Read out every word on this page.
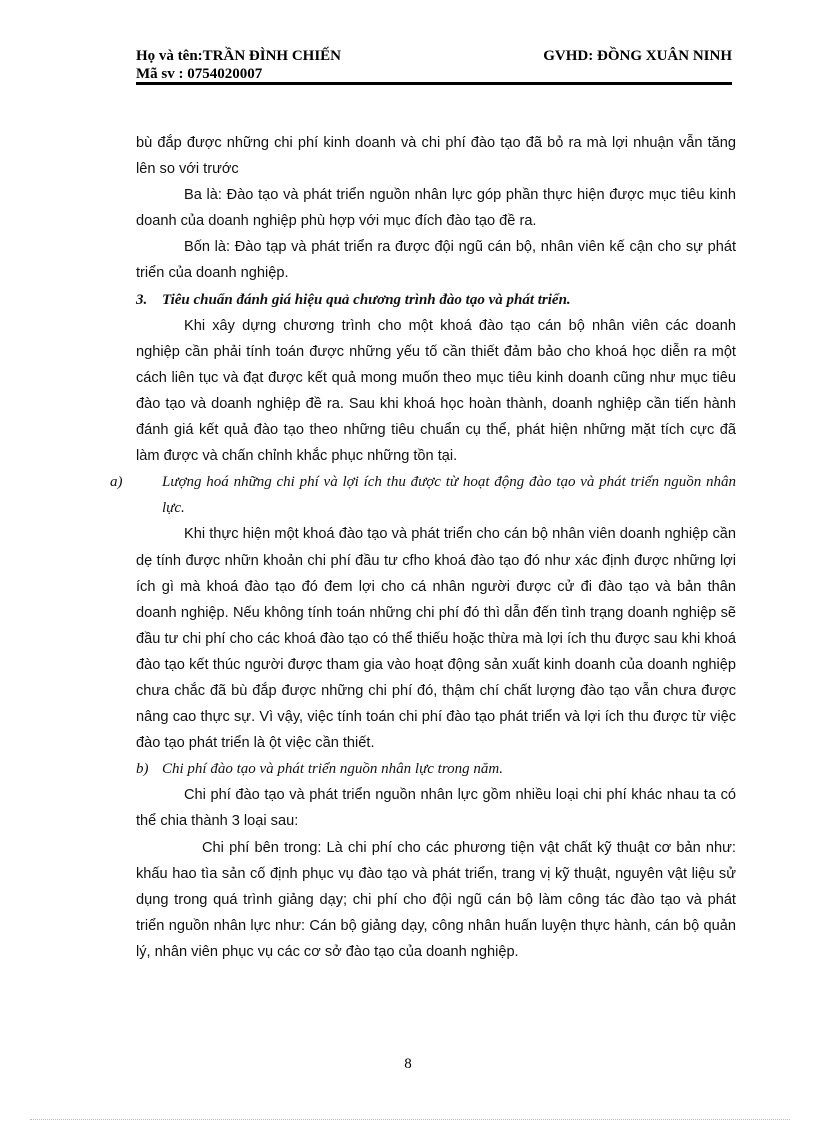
Họ và tên:TRẦN ĐÌNH CHIẾN	GVHD: ĐỒNG XUÂN NINH
Mã sv : 0754020007

bù đắp được những chi phí kinh doanh và chi phí đào tạo đã bỏ ra mà lợi nhuận vẫn tăng lên so với trước

Ba là: Đào tạo và phát triển nguồn nhân lực góp phần thực hiện được mục tiêu kinh doanh của doanh nghiệp phù hợp với mục đích đào tạo đề ra.

Bốn là: Đào tạp và phát triển ra được đội ngũ cán bộ, nhân viên kế cận cho sự phát triển của doanh nghiệp.

3. Tiêu chuẩn đánh giá hiệu quả chương trình đào tạo và phát triển.

Khi xây dựng chương trình cho một khoá đào tạo cán bộ nhân viên các doanh nghiệp cần phải tính toán được những yếu tố cần thiết đảm bảo cho khoá học diễn ra một cách liên tục và đạt được kết quả mong muốn theo mục tiêu kinh doanh cũng như mục tiêu đào tạo và doanh nghiệp đề ra. Sau khi khoá học hoàn thành, doanh nghiệp cần tiến hành đánh giá kết quả đào tạo theo những tiêu chuẩn cụ thể, phát hiện những mặt tích cực đã làm được và chấn chỉnh khắc phục những tồn tại.

a)	Lượng hoá những chi phí và lợi ích thu được từ hoạt động đào tạo và phát triển nguồn nhân lực.

Khi thực hiện một khoá đào tạo và phát triển cho cán bộ nhân viên doanh nghiệp cần dẹ tính được nhữn khoản chi phí đầu tư cfho khoá đào tạo đó như xác định được những lợi ích gì mà khoá đào tạo đó đem lợi cho cá nhân người được cử đi đào tạo và bản thân doanh nghiệp. Nếu không tính toán những chi phí đó thì dẫn đến tình trạng doanh nghiệp sẽ đầu tư chi phí cho các khoá đào tạo có thể thiếu hoặc thừa mà lợi ích thu được sau khi khoá đào tạo kết thúc người được tham gia vào hoạt động sản xuất kinh doanh của doanh nghiệp chưa chắc đã bù đắp được những chi phí đó, thậm chí chất lượng đào tạo vẫn chưa được nâng cao thực sự. Vì vậy, việc tính toán chi phí đào tạo phát triển và lợi ích thu được từ việc đào tạo phát triển là ột việc cần thiết.

b) Chi phí đào tạo và phát triển nguồn nhân lực trong năm.

Chi phí đào tạo và phát triển nguồn nhân lực gồm nhiều loại chi phí khác nhau ta có thể chia thành 3 loại sau:

Chi phí bên trong: Là chi phí cho các phương tiện vật chất kỹ thuật cơ bản như: khấu hao tìa sản cố định phục vụ đào tạo và phát triển, trang vị kỹ thuật, nguyên vật liệu sử dụng trong quá trình giảng dạy; chi phí cho đội ngũ cán bộ làm công tác đào tạo và phát triển nguồn nhân lực như: Cán bộ giảng dạy, công nhân huấn luyện thực hành, cán bộ quản lý, nhân viên phục vụ các cơ sở đào tạo của doanh nghiệp.

8
